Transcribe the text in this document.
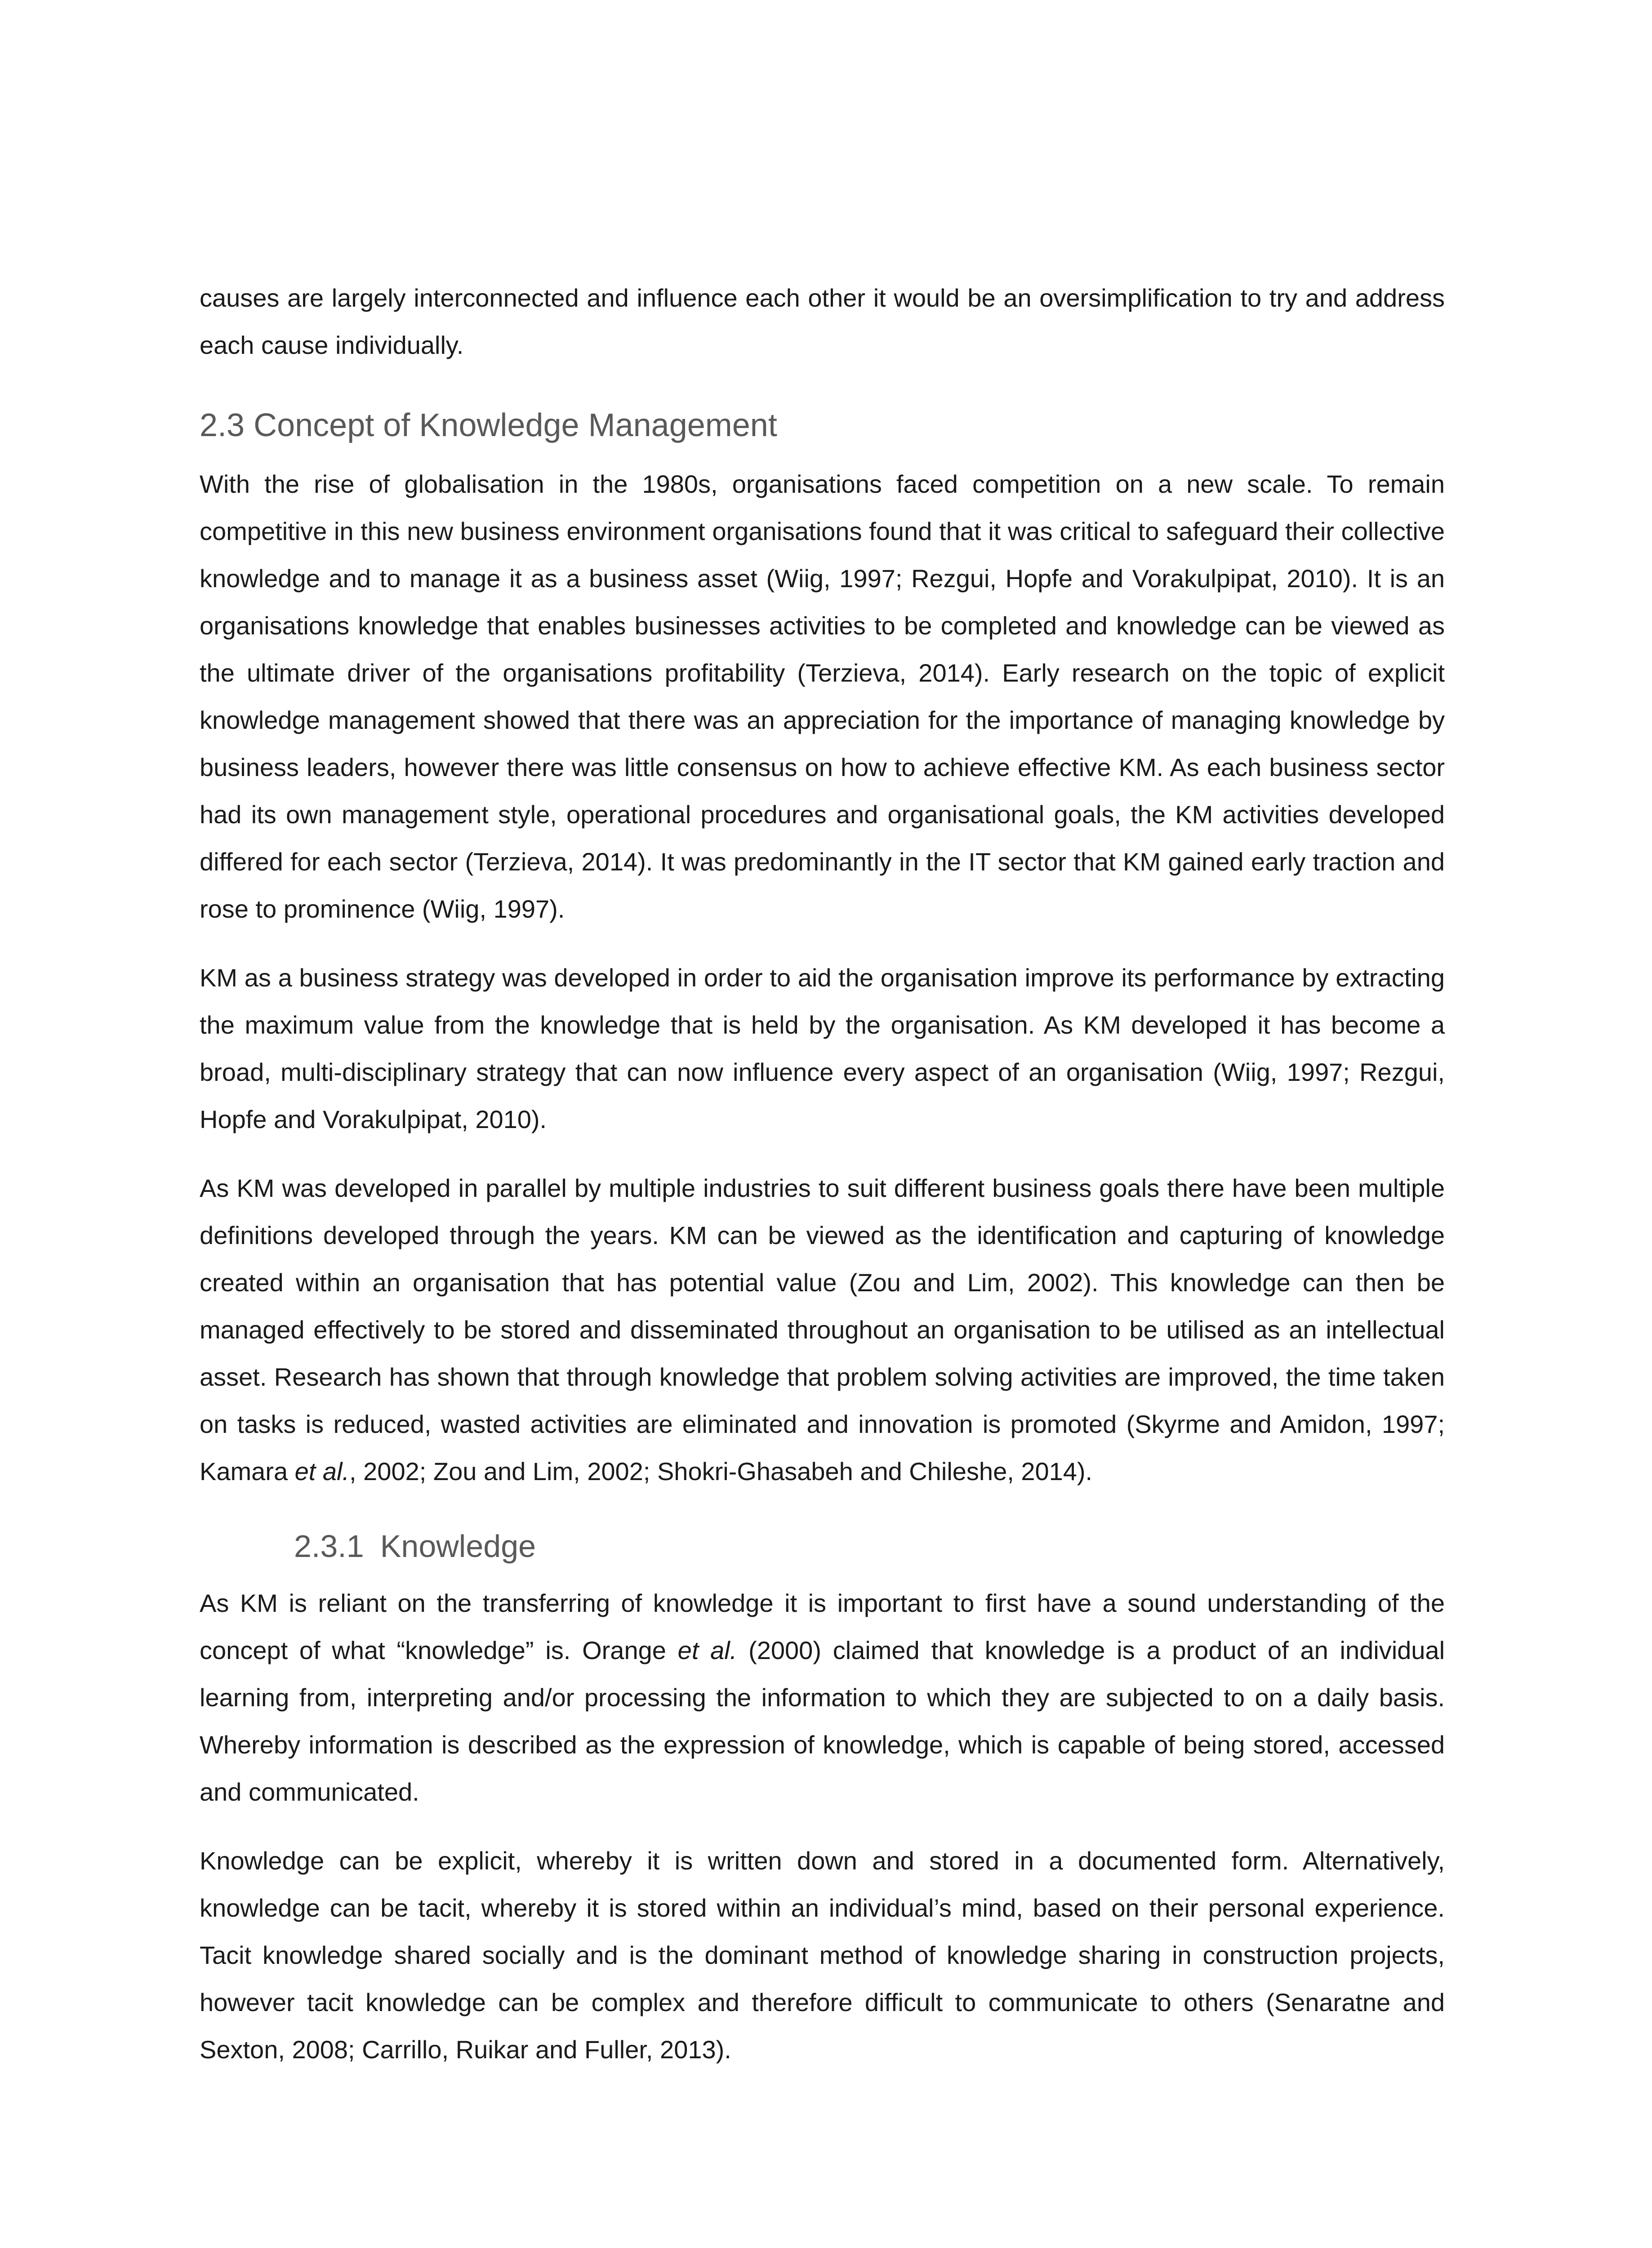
causes are largely interconnected and influence each other it would be an oversimplification to try and address each cause individually.

2.3 Concept of Knowledge Management

With the rise of globalisation in the 1980s, organisations faced competition on a new scale. To remain competitive in this new business environment organisations found that it was critical to safeguard their collective knowledge and to manage it as a business asset (Wiig, 1997; Rezgui, Hopfe and Vorakulpipat, 2010). It is an organisations knowledge that enables businesses activities to be completed and knowledge can be viewed as the ultimate driver of the organisations profitability (Terzieva, 2014). Early research on the topic of explicit knowledge management showed that there was an appreciation for the importance of managing knowledge by business leaders, however there was little consensus on how to achieve effective KM. As each business sector had its own management style, operational procedures and organisational goals, the KM activities developed differed for each sector (Terzieva, 2014). It was predominantly in the IT sector that KM gained early traction and rose to prominence (Wiig, 1997).

KM as a business strategy was developed in order to aid the organisation improve its performance by extracting the maximum value from the knowledge that is held by the organisation. As KM developed it has become a broad, multi-disciplinary strategy that can now influence every aspect of an organisation (Wiig, 1997; Rezgui, Hopfe and Vorakulpipat, 2010).

As KM was developed in parallel by multiple industries to suit different business goals there have been multiple definitions developed through the years. KM can be viewed as the identification and capturing of knowledge created within an organisation that has potential value (Zou and Lim, 2002). This knowledge can then be managed effectively to be stored and disseminated throughout an organisation to be utilised as an intellectual asset. Research has shown that through knowledge that problem solving activities are improved, the time taken on tasks is reduced, wasted activities are eliminated and innovation is promoted (Skyrme and Amidon, 1997; Kamara et al., 2002; Zou and Lim, 2002; Shokri-Ghasabeh and Chileshe, 2014).

2.3.1 Knowledge

As KM is reliant on the transferring of knowledge it is important to first have a sound understanding of the concept of what “knowledge” is. Orange et al. (2000) claimed that knowledge is a product of an individual learning from, interpreting and/or processing the information to which they are subjected to on a daily basis. Whereby information is described as the expression of knowledge, which is capable of being stored, accessed and communicated.

Knowledge can be explicit, whereby it is written down and stored in a documented form. Alternatively, knowledge can be tacit, whereby it is stored within an individual’s mind, based on their personal experience. Tacit knowledge shared socially and is the dominant method of knowledge sharing in construction projects, however tacit knowledge can be complex and therefore difficult to communicate to others (Senaratne and Sexton, 2008; Carrillo, Ruikar and Fuller, 2013).
